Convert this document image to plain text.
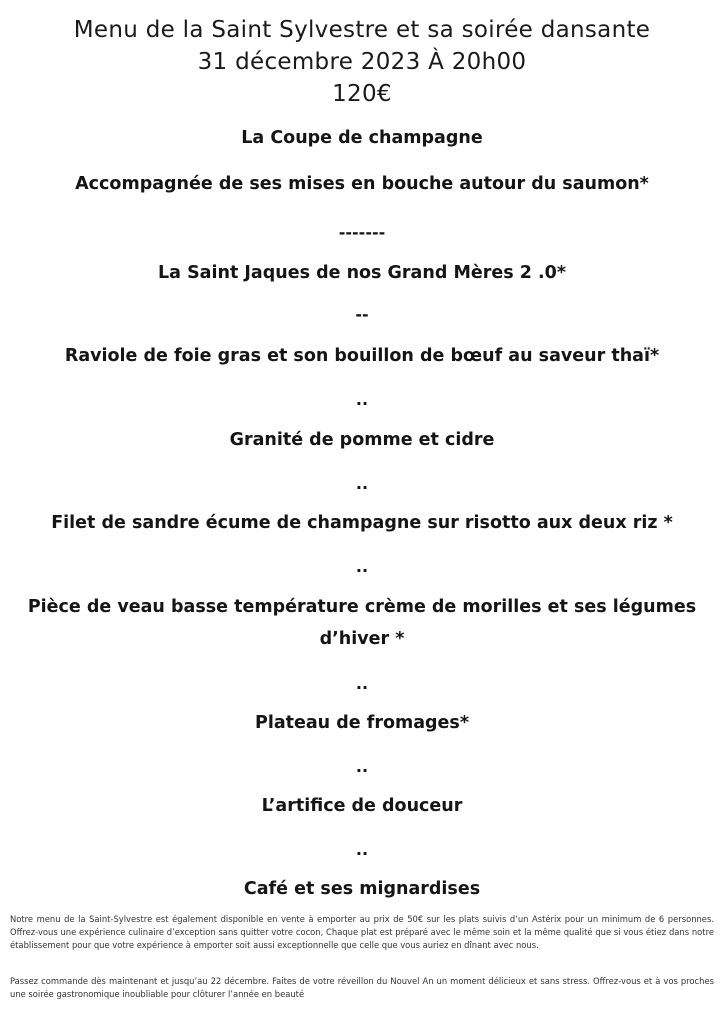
Menu de la Saint Sylvestre et sa soirée dansante
31 décembre 2023 À 20h00
120€
La Coupe de champagne
Accompagnée de ses mises en bouche autour du saumon*
-------
La Saint Jaques de nos Grand Mères 2 .0*
--
Raviole de foie gras et son bouillon de bœuf au saveur thaï*
..
Granité de pomme et cidre
..
Filet de sandre écume de champagne sur risotto aux deux riz *
..
Pièce de veau basse température crème de morilles et ses légumes
d’hiver *
..
Plateau de fromages*
..
L’artifice de douceur
..
Café et ses mignardises
Notre menu de la Saint-Sylvestre est également disponible en vente à emporter au prix de 50€ sur les plats suivis d’un Astérix pour un minimum de 6 personnes. Offrez-vous une expérience culinaire d’exception sans quitter votre cocon, Chaque plat est préparé avec le même soin et la même qualité que si vous étiez dans notre établissement pour que votre expérience à emporter soit aussi exceptionnelle que celle que vous auriez en dînant avec nous.
Passez commande dès maintenant et jusqu’au 22 décembre. Faites de votre réveillon du Nouvel An un moment délicieux et sans stress. Offrez-vous et à vos proches une soirée gastronomique inoubliable pour clôturer l’année en beauté
